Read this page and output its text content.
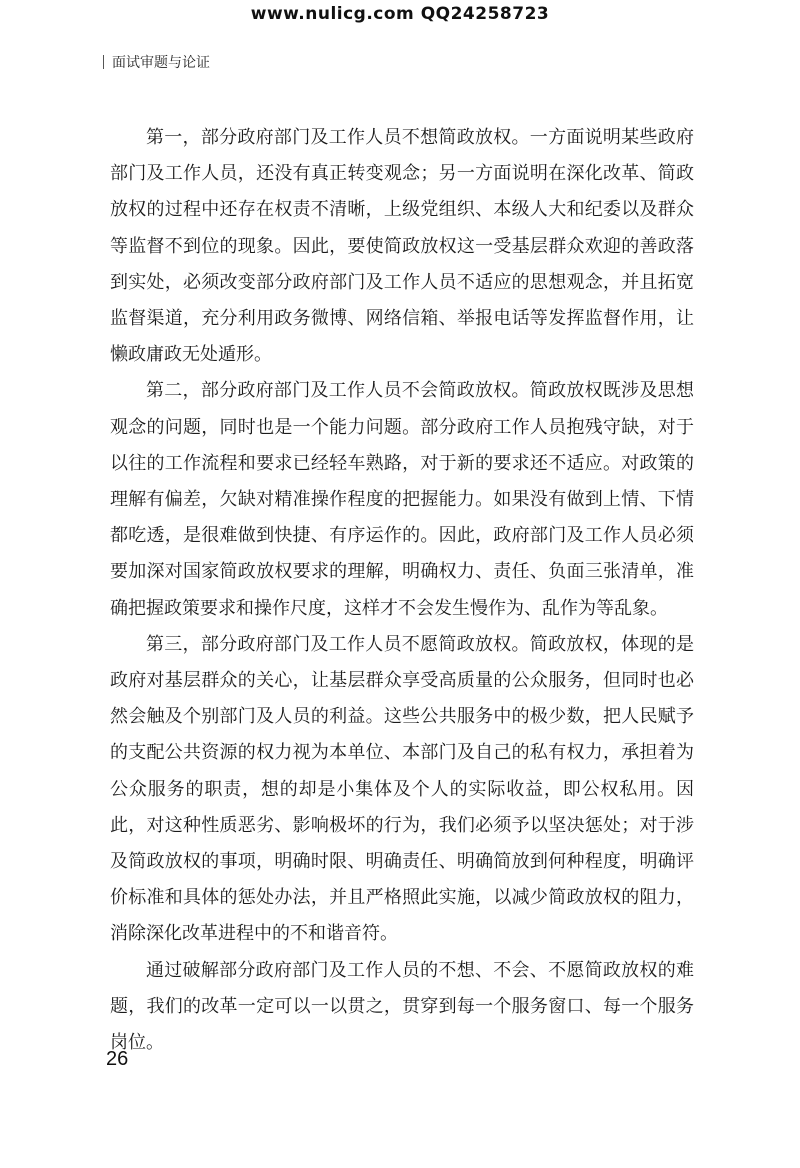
www.nulicg.com QQ24258723
面试审题与论证

第一，部分政府部门及工作人员不想简政放权。一方面说明某些政府部门及工作人员，还没有真正转变观念；另一方面说明在深化改革、简政放权的过程中还存在权责不清晰，上级党组织、本级人大和纪委以及群众等监督不到位的现象。因此，要使简政放权这一受基层群众欢迎的善政落到实处，必须改变部分政府部门及工作人员不适应的思想观念，并且拓宽监督渠道，充分利用政务微博、网络信箱、举报电话等发挥监督作用，让懒政庸政无处遁形。

第二，部分政府部门及工作人员不会简政放权。简政放权既涉及思想观念的问题，同时也是一个能力问题。部分政府工作人员抱残守缺，对于以往的工作流程和要求已经轻车熟路，对于新的要求还不适应。对政策的理解有偏差，欠缺对精准操作程度的把握能力。如果没有做到上情、下情都吃透，是很难做到快捷、有序运作的。因此，政府部门及工作人员必须要加深对国家简政放权要求的理解，明确权力、责任、负面三张清单，准确把握政策要求和操作尺度，这样才不会发生慢作为、乱作为等乱象。

第三，部分政府部门及工作人员不愿简政放权。简政放权，体现的是政府对基层群众的关心，让基层群众享受高质量的公众服务，但同时也必然会触及个别部门及人员的利益。这些公共服务中的极少数，把人民赋予的支配公共资源的权力视为本单位、本部门及自己的私有权力，承担着为公众服务的职责，想的却是小集体及个人的实际收益，即公权私用。因此，对这种性质恶劣、影响极坏的行为，我们必须予以坚决惩处；对于涉及简政放权的事项，明确时限、明确责任、明确简放到何种程度，明确评价标准和具体的惩处办法，并且严格照此实施，以减少简政放权的阻力，消除深化改革进程中的不和谐音符。

通过破解部分政府部门及工作人员的不想、不会、不愿简政放权的难题，我们的改革一定可以一以贯之，贯穿到每一个服务窗口、每一个服务岗位。

26
